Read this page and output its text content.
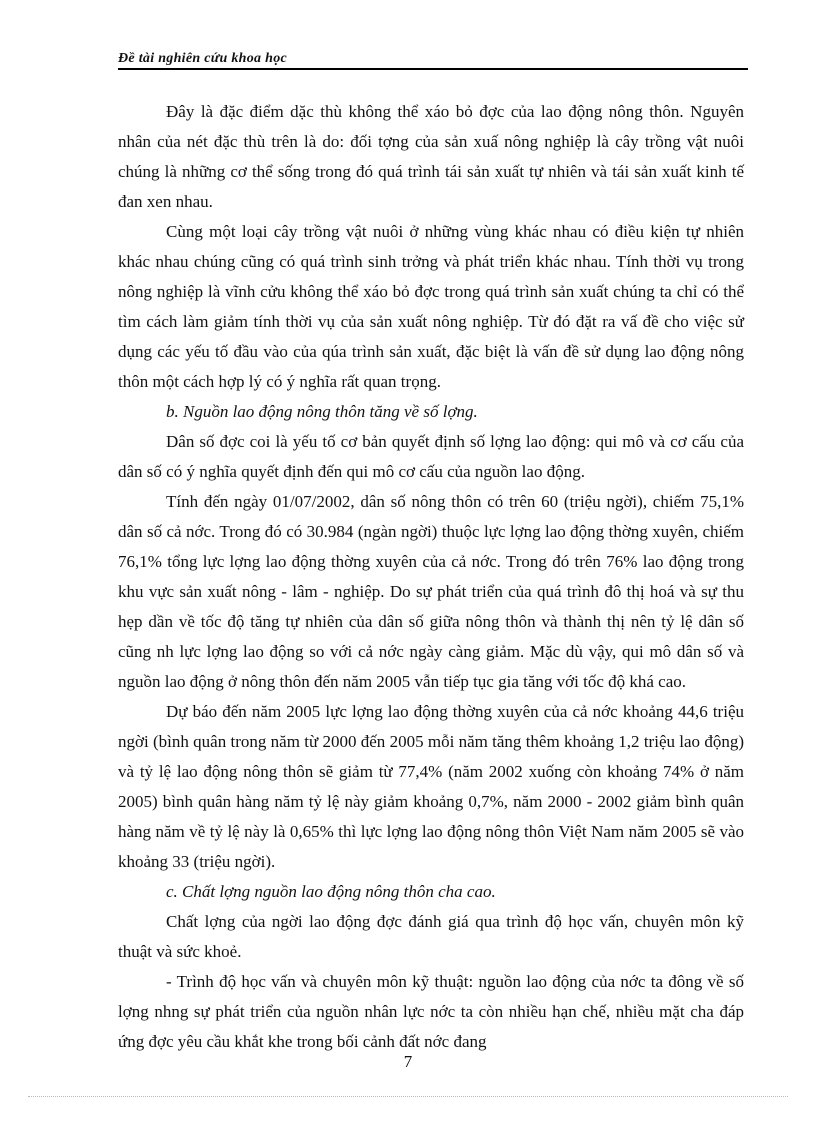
Đề tài nghiên cứu khoa học

Đây là đặc điểm dặc thù không thể xáo bỏ đợc của lao động nông thôn. Nguyên nhân của nét đặc thù trên là do: đối tợng của sản xuấ nông nghiệp là cây trồng vật nuôi chúng là những cơ thể sống trong đó quá trình tái sản xuất tự nhiên và tái sản xuất kinh tế đan xen nhau.

Cùng một loại cây trồng vật nuôi ở những vùng khác nhau có điều kiện tự nhiên khác nhau chúng cũng có quá trình sinh trởng và phát triển khác nhau. Tính thời vụ trong nông nghiệp là vĩnh cửu không thể xáo bỏ đợc trong quá trình sản xuất chúng ta chỉ có thể tìm cách làm giảm tính thời vụ của sản xuất nông nghiệp. Từ đó đặt ra vấ đề cho việc sử dụng các yếu tố đầu vào của qúa trình sản xuất, đặc biệt là vấn đề sử dụng lao động nông thôn một cách hợp lý có ý nghĩa rất quan trọng.

b. Nguồn lao động nông thôn tăng về số lợng.

Dân số đợc coi là yếu tố cơ bản quyết định số lợng lao động: qui mô và cơ cấu của dân số có ý nghĩa quyết định đến qui mô cơ cấu của nguồn lao động.

Tính đến ngày 01/07/2002, dân số nông thôn có trên 60 (triệu ngời), chiếm 75,1% dân số cả nớc. Trong đó có 30.984 (ngàn ngời) thuộc lực lợng lao động thờng xuyên, chiếm 76,1% tổng lực lợng lao động thờng xuyên của cả nớc. Trong đó trên 76% lao động trong khu vực sản xuất nông - lâm - nghiệp. Do sự phát triển của quá trình đô thị hoá và sự thu hẹp dần về tốc độ tăng tự nhiên của dân số giữa nông thôn và thành thị nên tỷ lệ dân số cũng nh lực lợng lao động so với cả nớc ngày càng giảm. Mặc dù vậy, qui mô dân số và nguồn lao động ở nông thôn đến năm 2005 vẫn tiếp tục gia tăng với tốc độ khá cao.

Dự báo đến năm 2005 lực lợng lao động thờng xuyên của cả nớc khoảng 44,6 triệu ngời (bình quân trong năm từ 2000 đến 2005 mỗi năm tăng thêm khoảng 1,2 triệu lao động) và tỷ lệ lao động nông thôn sẽ giảm từ 77,4% (năm 2002 xuống còn khoảng 74% ở năm 2005) bình quân hàng năm tỷ lệ này giảm khoảng 0,7%, năm 2000 - 2002 giảm bình quân hàng năm về tỷ lệ này là 0,65% thì lực lợng lao động nông thôn Việt Nam năm 2005 sẽ vào khoảng 33 (triệu ngời).

c. Chất lợng nguồn lao động nông thôn cha cao.

Chất lợng của ngời lao động đợc đánh giá qua trình độ học vấn, chuyên môn kỹ thuật và sức khoẻ.

- Trình độ học vấn và chuyên môn kỹ thuật: nguồn lao động của nớc ta đông về số lợng nhng sự phát triển của nguồn nhân lực nớc ta còn nhiều hạn chế, nhiều mặt cha đáp ứng đợc yêu cầu khắt khe trong bối cảnh đất nớc đang

7
